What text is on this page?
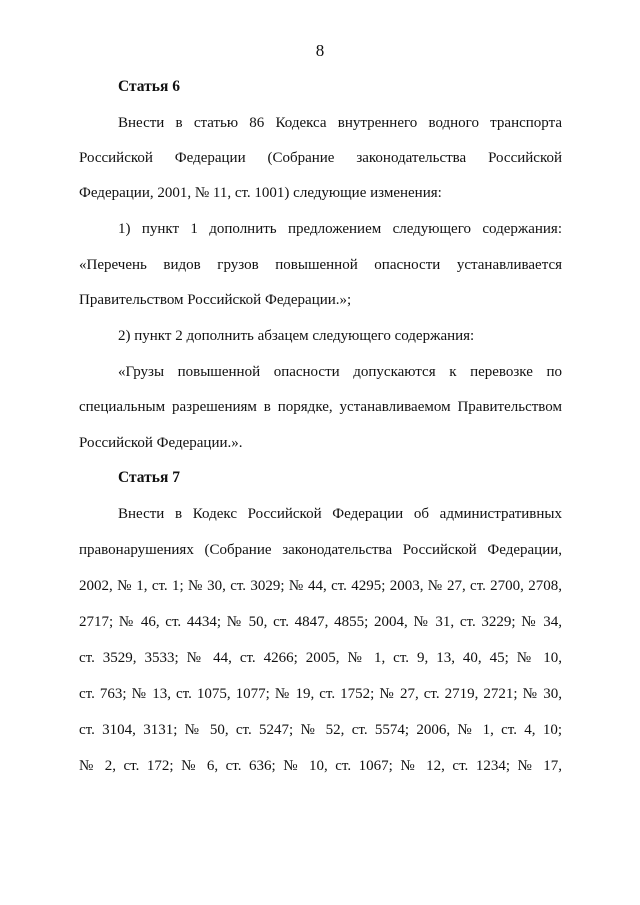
8
Статья 6
Внести в статью 86 Кодекса внутреннего водного транспорта
Российской Федерации (Собрание законодательства Российской
Федерации, 2001, № 11, ст. 1001) следующие изменения:
1) пункт 1 дополнить предложением следующего содержания:
«Перечень видов грузов повышенной опасности устанавливается
Правительством Российской Федерации.»;
2) пункт 2 дополнить абзацем следующего содержания:
«Грузы повышенной опасности допускаются к перевозке по
специальным разрешениям в порядке, устанавливаемом Правительством
Российской Федерации.».
Статья 7
Внести в Кодекс Российской Федерации об административных
правонарушениях (Собрание законодательства Российской Федерации,
2002, № 1, ст. 1; № 30, ст. 3029; № 44, ст. 4295; 2003, № 27, ст. 2700, 2708,
2717; № 46, ст. 4434; № 50, ст. 4847, 4855; 2004, № 31, ст. 3229; № 34,
ст. 3529, 3533; № 44, ст. 4266; 2005, № 1, ст. 9, 13, 40, 45; № 10,
ст. 763; № 13, ст. 1075, 1077; № 19, ст. 1752; № 27, ст. 2719, 2721; № 30,
ст. 3104, 3131; № 50, ст. 5247; № 52, ст. 5574; 2006, № 1, ст. 4, 10;
№ 2, ст. 172; № 6, ст. 636; № 10, ст. 1067; № 12, ст. 1234; № 17,
